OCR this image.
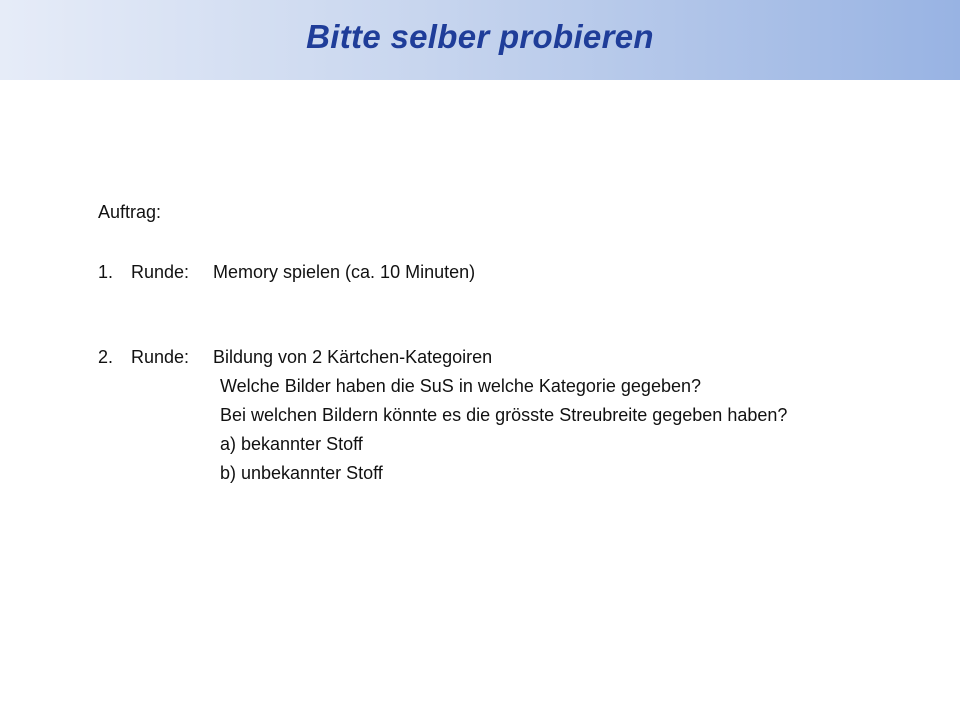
Bitte selber probieren
Auftrag:
1. Runde: Memory spielen (ca. 10 Minuten)
2. Runde: Bildung von 2 Kärtchen-Kategoiren
Welche Bilder haben die SuS in welche Kategorie gegeben?
Bei welchen Bildern könnte es die grösste Streubreite gegeben haben?
a) bekannter Stoff
b) unbekannter Stoff
